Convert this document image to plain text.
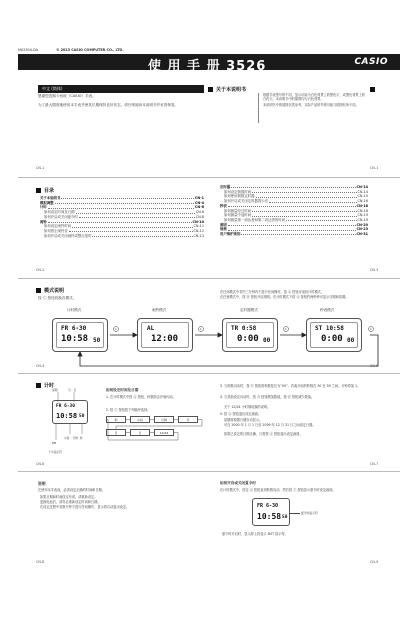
MA2304-DA	© 2023 CASIO COMPUTER CO., LTD.
使 用 手 册 3526	CASIO
中文 (简体)
感谢您选购卡西欧（CASIO）手表。
为了最大限度地使用本手表并使其长期保持良好状态，请仔细阅读本说明书并妥善保管。
CN-1
关于本说明书
根据手表型号的不同，显示可能为白色背景上的黑色字，或黑色背景上的白色字。本说明书中的插图均为白色背景。
本说明书中的插图仅供参考，实际产品的外观可能与插图有所不同。
CN-1
目录
关于本说明书	CN-1
模拟调整	CN-4
计时	CN-6
如何设定时间及日期	CN-6
如何开启或关闭夏令时	CN-8
闹铃	CN-10
如何设定闹铃时间	CN-11
如何停止闹铃音	CN-12
如何开启或关闭闹铃或整点报时	CN-13
定时器	CN-14
如何设定倒数时间	CN-14
如何使用倒数定时器	CN-15
如何开启或关闭定时器提示音	CN-16
秒表	CN-18
如何测量经过时间	CN-18
如何测量中途时间	CN-19
如何测量第一到达者和第二到达者的时间	CN-19
照明	CN-20
规格	CN-23
用户维护须知	CN-31
CN-2	CN-3
模式说明
按 Ⓒ 按钮切换各模式。
在任何模式中若约三分钟内不进行任何操作，按 Ⓐ 按钮可返回计时模式。
在任意模式中，按 Ⓑ 按钮开启照明。在计时模式下按 Ⓐ 按钮约两秒钟可显示日期和星期。
计时模式	闹铃模式	定时器模式	秒表模式
FR 6-30
10:58 50
AL
12:00
TR 0:58
0:00 00
ST 10:58
0:00 00
C	C	C	C
CN-4	CN-5
计时
FR 6-30
10:58 50
星期	月 - 日
PM
小时 : 分钟 秒
下午指示符
如何设定时间及日期
1. 在计时模式中按 Ⓐ 按钮，秒数即会开始闪动。
2. 按 Ⓒ 按钮按下列顺序选择。
秒	小时	分钟	年
月	日	12/24
3. 当秒数闪动时，按 Ⓓ 按钮将秒数复位为“00”。若离开前的秒数在 30 至 59 之间，分钟将加 1。
4. 当其他设定闪动时，按 Ⓓ 按钮增加数值，按 Ⓑ 按钮减少数值。
关于 12/24 小时制切换的说明。
5. 按 Ⓐ 按钮退出设定画面。
星期将根据日期自动显示。
可在 2000 年 1 月 1 日至 2099 年 12 月 31 日之间设定日期。
如果已设定的日期正确，只需按 Ⓐ 按钮退出设定画面。
CN-6	CN-7
说明
在使用本手表前，必须设定正确的时间和日期。
如果日期和时间设定有误，请重新设定。
更换电池后，请务必重新设定时间和日期。
在设定过程中若数分钟不进行任何操作，显示将自动退出设定。
CN-8
如何开启或关闭夏令时
在计时模式中，按住 Ⓐ 按钮直到秒数闪动，然后按 Ⓒ 按钮显示夏令时设定画面。
FR 6-30
10:58 50
夏令时指示符
夏令时开启时，显示屏上将显示 DST 指示符。
CN-9
